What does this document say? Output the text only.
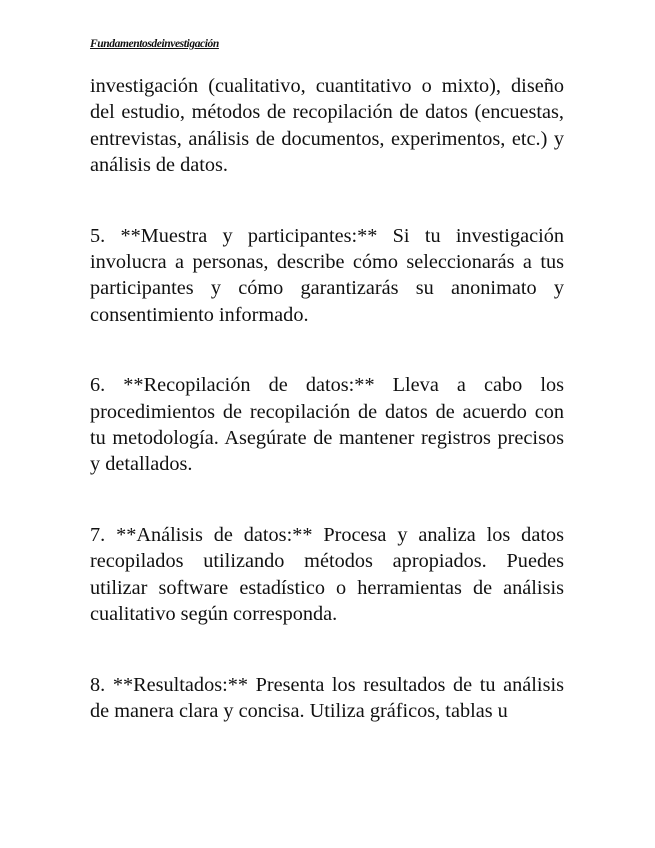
Fundamentosdeinvestigación

investigación (cualitativo, cuantitativo o mixto), diseño del estudio, métodos de recopilación de datos (encuestas, entrevistas, análisis de documentos, experimentos, etc.) y análisis de datos.

5. **Muestra y participantes:** Si tu investigación involucra a personas, describe cómo seleccionarás a tus participantes y cómo garantizarás su anonimato y consentimiento informado.

6. **Recopilación de datos:** Lleva a cabo los procedimientos de recopilación de datos de acuerdo con tu metodología. Asegúrate de mantener registros precisos y detallados.

7. **Análisis de datos:** Procesa y analiza los datos recopilados utilizando métodos apropiados. Puedes utilizar software estadístico o herramientas de análisis cualitativo según corresponda.

8. **Resultados:** Presenta los resultados de tu análisis de manera clara y concisa. Utiliza gráficos, tablas u
